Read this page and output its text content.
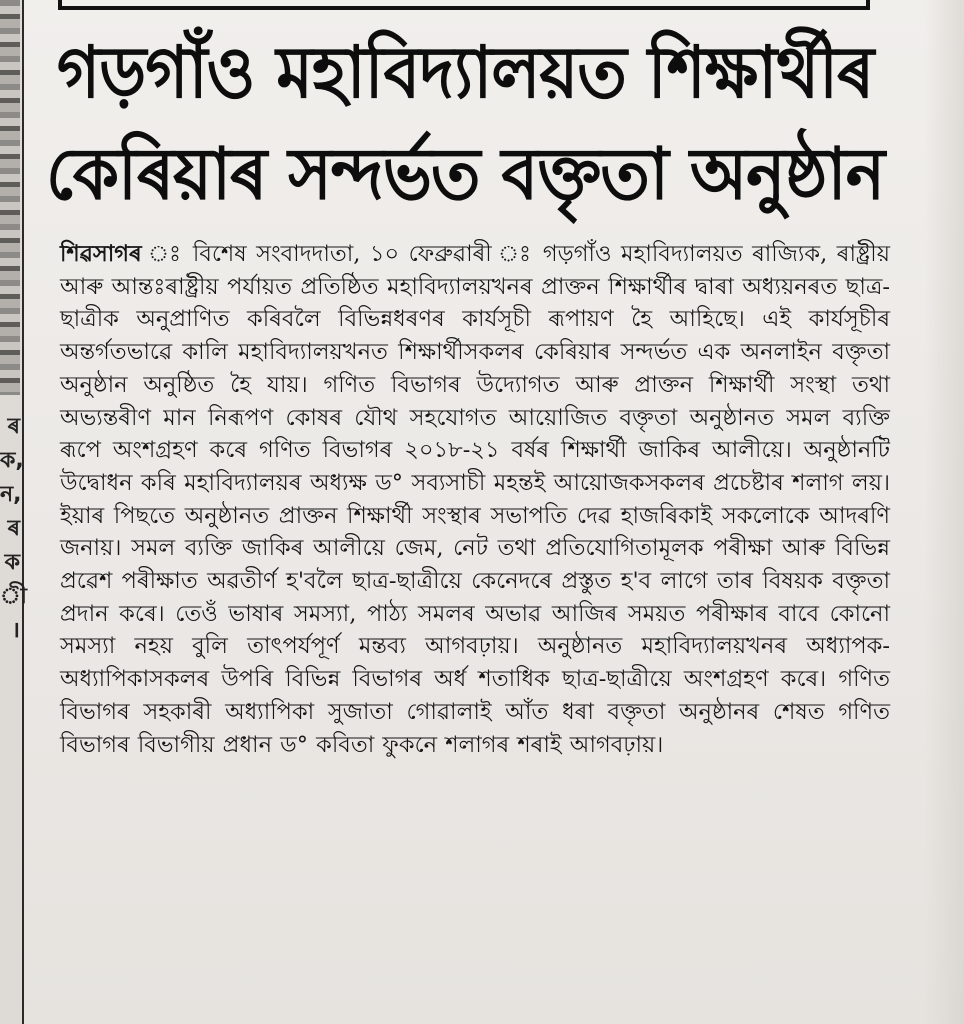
ৰ
ক,
ন,
ৰ
ক
ী
।
গড়গাঁও মহাবিদ্যালয়ত শিক্ষাৰ্থীৰ
কেৰিয়াৰ সন্দৰ্ভত বক্তৃতা অনুষ্ঠান
শিৱসাগৰ ঃ বিশেষ সংবাদদাতা, ১০ ফেব্ৰুৱাৰী ঃ গড়গাঁও মহাবিদ্যালয়ত ৰাজ্যিক, ৰাষ্ট্ৰীয় আৰু আন্তঃৰাষ্ট্ৰীয় পৰ্যায়ত প্ৰতিষ্ঠিত মহাবিদ্যালয়খনৰ প্ৰাক্তন শিক্ষাৰ্থীৰ দ্বাৰা অধ্যয়নৰত ছাত্ৰ-ছাত্ৰীক অনুপ্ৰাণিত কৰিবলৈ বিভিন্নধৰণৰ কাৰ্যসূচী ৰূপায়ণ হৈ আহিছে। এই কাৰ্যসূচীৰ অন্তৰ্গতভাৱে কালি মহাবিদ্যালয়খনত শিক্ষাৰ্থীসকলৰ কেৰিয়াৰ সন্দৰ্ভত এক অনলাইন বক্তৃতা অনুষ্ঠান অনুষ্ঠিত হৈ যায়। গণিত বিভাগৰ উদ্যোগত আৰু প্ৰাক্তন শিক্ষাৰ্থী সংস্থা তথা অভ্যন্তৰীণ মান নিৰূপণ কোষৰ যৌথ সহযোগত আয়োজিত বক্তৃতা অনুষ্ঠানত সমল ব্যক্তি ৰূপে অংশগ্ৰহণ কৰে গণিত বিভাগৰ ২০১৮-২১ বৰ্ষৰ শিক্ষাৰ্থী জাকিৰ আলীয়ে। অনুষ্ঠানটি উদ্বোধন কৰি মহাবিদ্যালয়ৰ অধ্যক্ষ ড° সব্যসাচী মহন্তই আয়োজকসকলৰ প্ৰচেষ্টাৰ শলাগ লয়। ইয়াৰ পিছতে অনুষ্ঠানত প্ৰাক্তন শিক্ষাৰ্থী সংস্থাৰ সভাপতি দেৱ হাজৰিকাই সকলোকে আদৰণি জনায়। সমল ব্যক্তি জাকিৰ আলীয়ে জেম, নেট তথা প্ৰতিযোগিতামূলক পৰীক্ষা আৰু বিভিন্ন প্ৰৱেশ পৰীক্ষাত অৱতীৰ্ণ হ'বলৈ ছাত্ৰ-ছাত্ৰীয়ে কেনেদৰে প্ৰস্তুত হ'ব লাগে তাৰ বিষয়ক বক্তৃতা প্ৰদান কৰে। তেওঁ ভাষাৰ সমস্যা, পাঠ্য সমলৰ অভাৱ আজিৰ সময়ত পৰীক্ষাৰ বাবে কোনো সমস্যা নহয় বুলি তাৎপৰ্যপূৰ্ণ মন্তব্য আগবঢ়ায়। অনুষ্ঠানত মহাবিদ্যালয়খনৰ অধ্যাপক-অধ্যাপিকাসকলৰ উপৰি বিভিন্ন বিভাগৰ অৰ্ধ শতাধিক ছাত্ৰ-ছাত্ৰীয়ে অংশগ্ৰহণ কৰে। গণিত বিভাগৰ সহকাৰী অধ্যাপিকা সুজাতা গোৱালাই আঁত ধৰা বক্তৃতা অনুষ্ঠানৰ শেষত গণিত বিভাগৰ বিভাগীয় প্ৰধান ড° কবিতা ফুকনে শলাগৰ শৰাই আগবঢ়ায়।
